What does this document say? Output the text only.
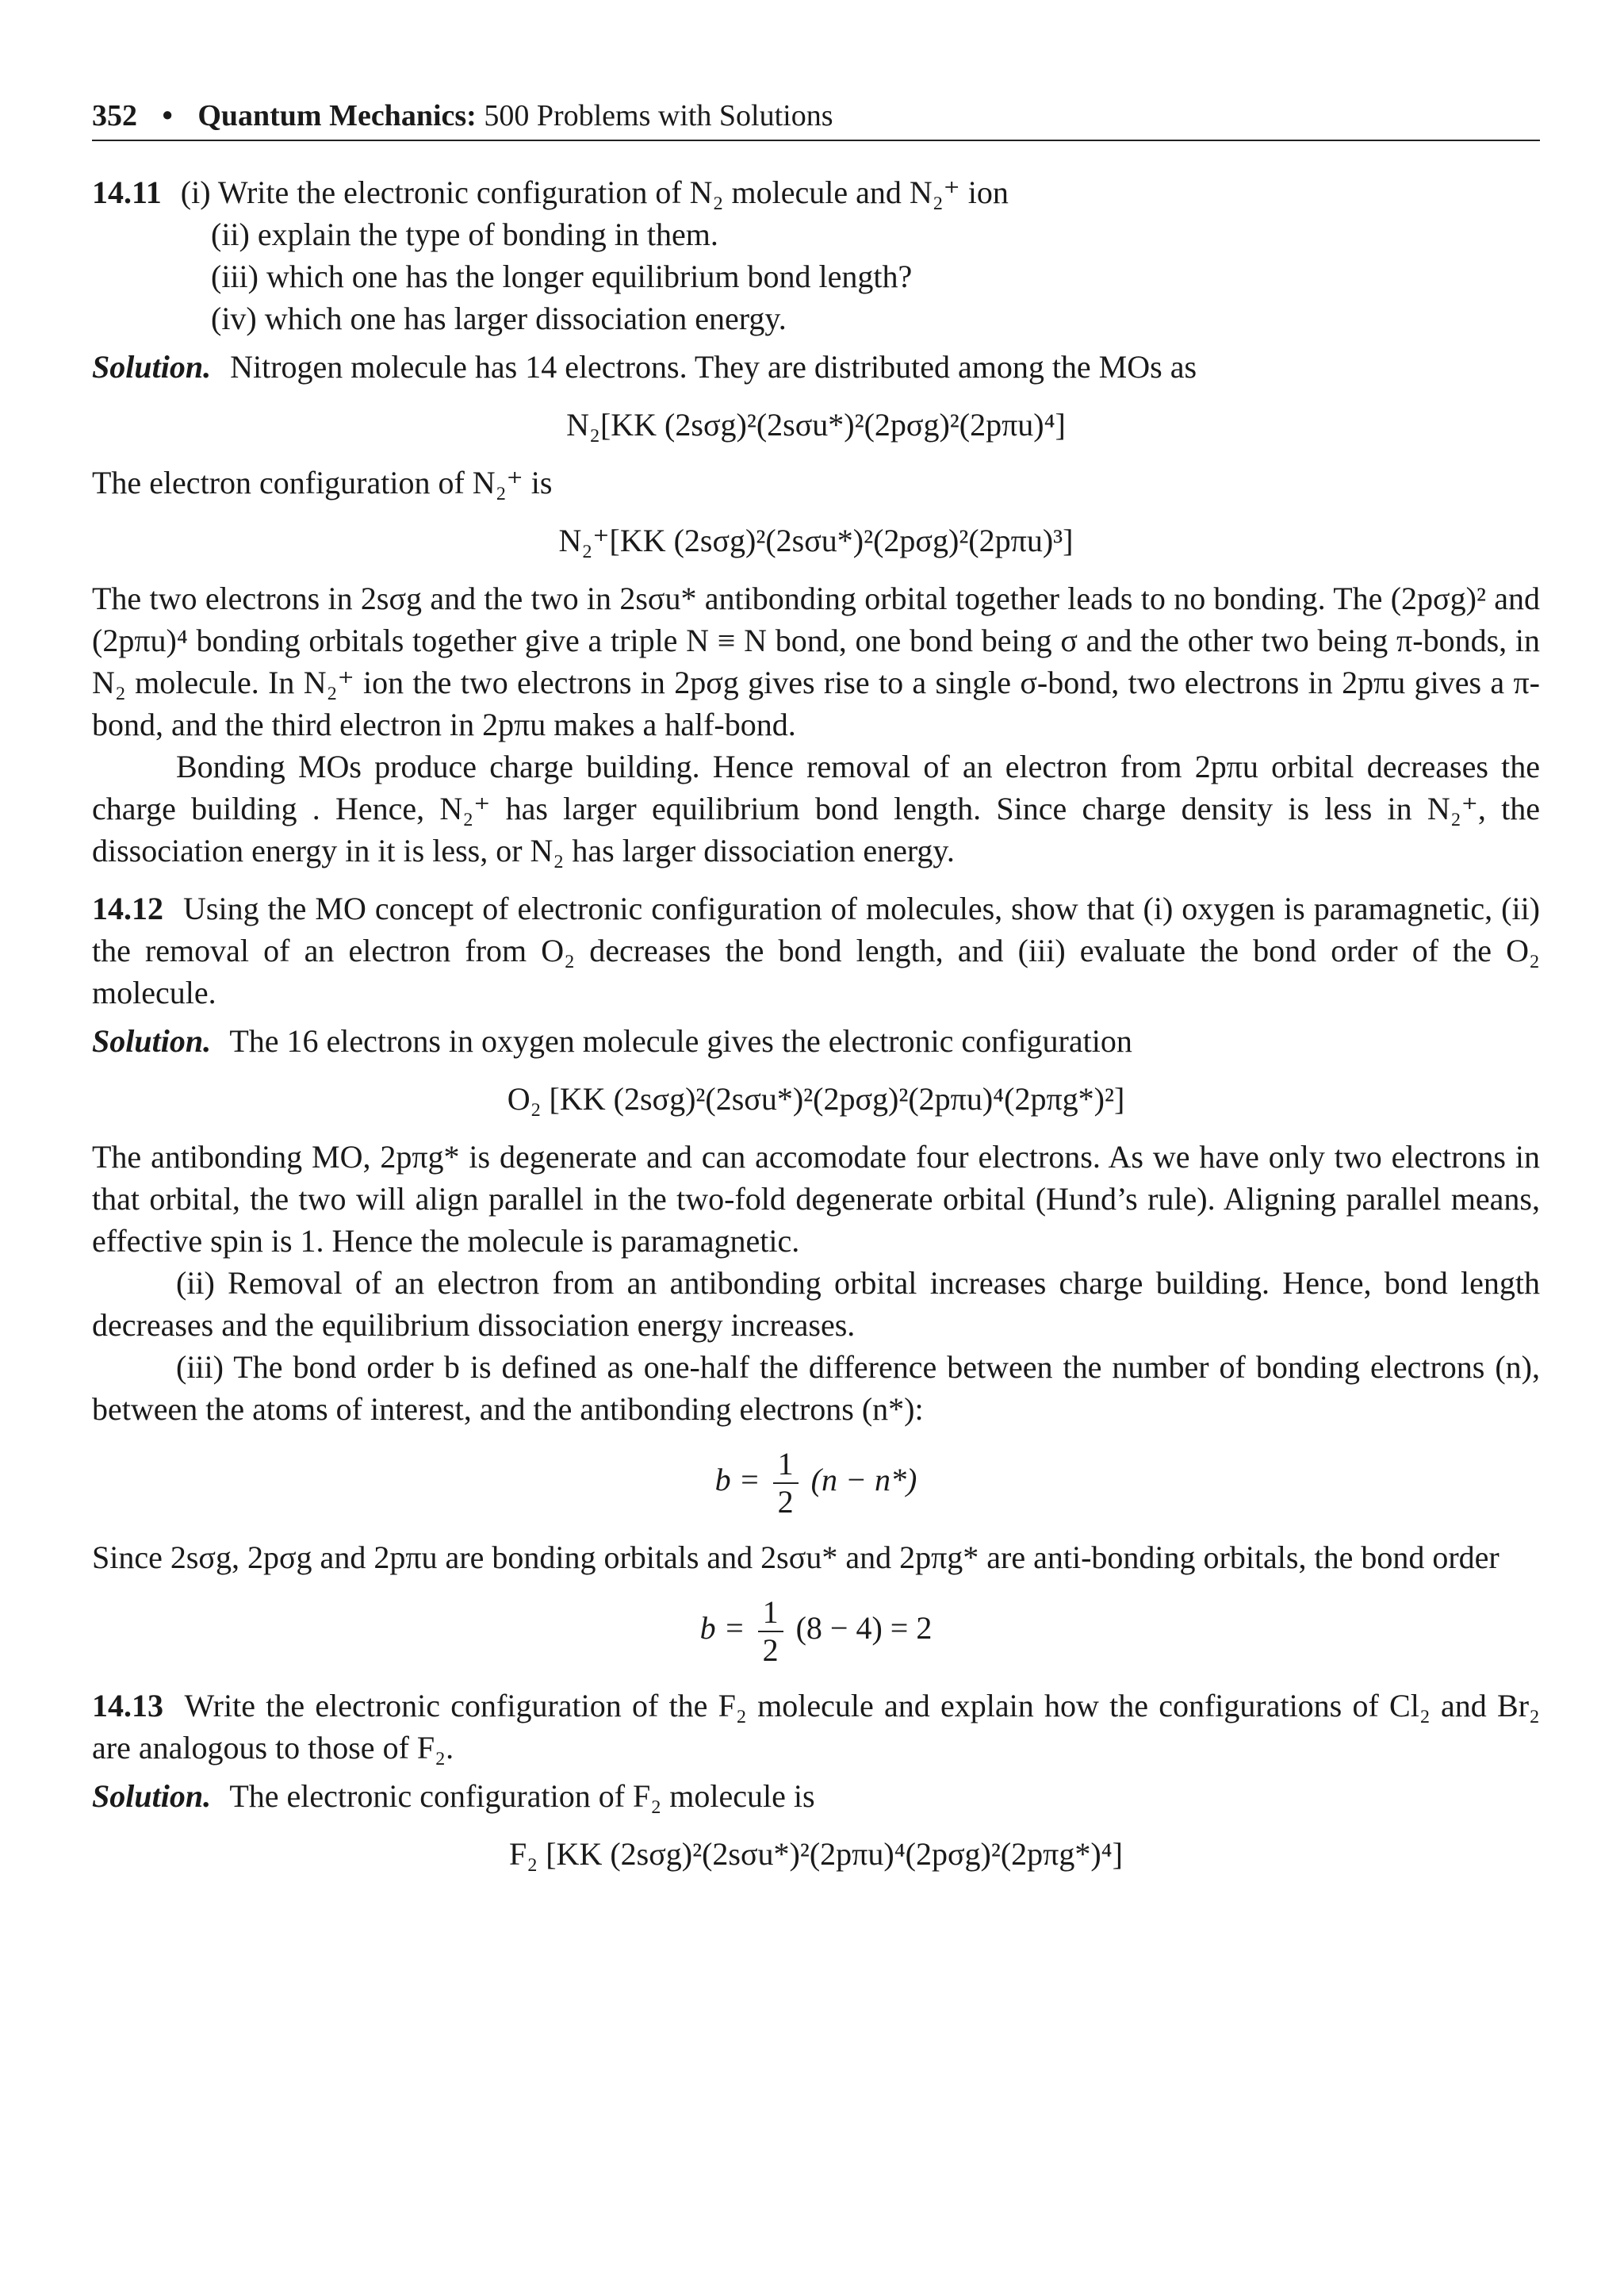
352 • Quantum Mechanics: 500 Problems with Solutions

14.11 (i) Write the electronic configuration of N₂ molecule and N₂⁺ ion

(ii) explain the type of bonding in them.

(iii) which one has the longer equilibrium bond length?

(iv) which one has larger dissociation energy.

Solution. Nitrogen molecule has 14 electrons. They are distributed among the MOs as

N₂[KK (2sσg)²(2sσu*)²(2pσg)²(2pπu)⁴]

The electron configuration of N₂⁺ is

N₂⁺[KK (2sσg)²(2sσu*)²(2pσg)²(2pπu)³]

The two electrons in 2sσg and the two in 2sσu* antibonding orbital together leads to no bonding. The (2pσg)² and (2pπu)⁴ bonding orbitals together give a triple N ≡ N bond, one bond being σ and the other two being π-bonds, in N₂ molecule. In N₂⁺ ion the two electrons in 2pσg gives rise to a single σ-bond, two electrons in 2pπu gives a π-bond, and the third electron in 2pπu makes a half-bond.

Bonding MOs produce charge building. Hence removal of an electron from 2pπu orbital decreases the charge building . Hence, N₂⁺ has larger equilibrium bond length. Since charge density is less in N₂⁺, the dissociation energy in it is less, or N₂ has larger dissociation energy.

14.12 Using the MO concept of electronic configuration of molecules, show that (i) oxygen is paramagnetic, (ii) the removal of an electron from O₂ decreases the bond length, and (iii) evaluate the bond order of the O₂ molecule.

Solution. The 16 electrons in oxygen molecule gives the electronic configuration

O₂ [KK (2sσg)²(2sσu*)²(2pσg)²(2pπu)⁴(2pπg*)²]

The antibonding MO, 2pπg* is degenerate and can accomodate four electrons. As we have only two electrons in that orbital, the two will align parallel in the two-fold degenerate orbital (Hund’s rule). Aligning parallel means, effective spin is 1. Hence the molecule is paramagnetic.

(ii) Removal of an electron from an antibonding orbital increases charge building. Hence, bond length decreases and the equilibrium dissociation energy increases.

(iii) The bond order b is defined as one-half the difference between the number of bonding electrons (n), between the atoms of interest, and the antibonding electrons (n*):

$b = \frac{1}{2} (n - n*)$

Since 2sσg, 2pσg and 2pπu are bonding orbitals and 2sσu* and 2pπg* are anti-bonding orbitals, the bond order

$b = \frac{1}{2} (8 - 4) = 2$

14.13 Write the electronic configuration of the F₂ molecule and explain how the configurations of Cl₂ and Br₂ are analogous to those of F₂.

Solution. The electronic configuration of F₂ molecule is

F₂ [KK (2sσg)²(2sσu*)²(2pπu)⁴(2pσg)²(2pπg*)⁴]
